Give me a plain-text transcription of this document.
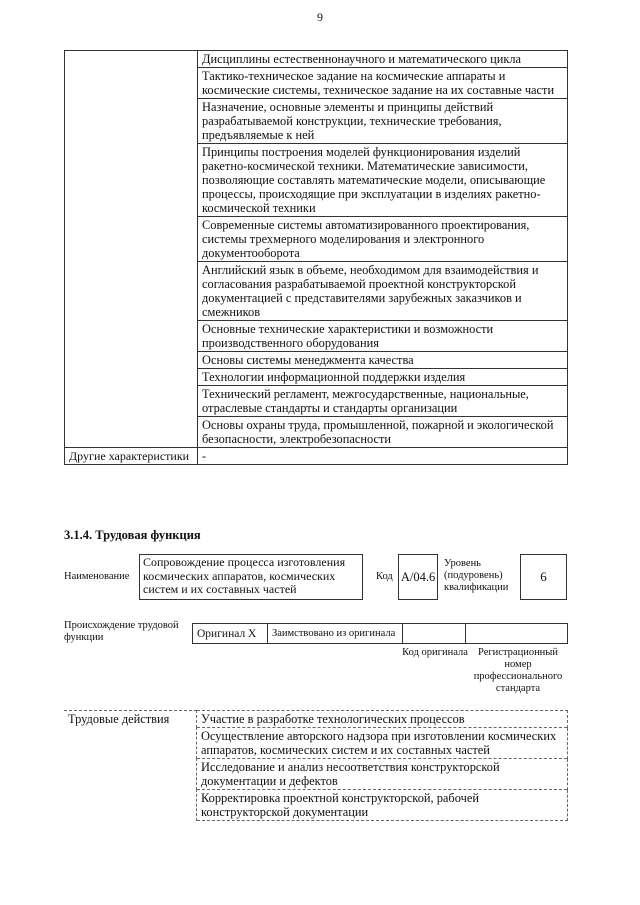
9
	Дисциплины естественнонаучного и математического цикла
	Тактико-техническое задание на космические аппараты и космические системы, техническое задание на их составные части
	Назначение, основные элементы и принципы действий разрабатываемой конструкции, технические требования, предъявляемые к ней
	Принципы построения моделей функционирования изделий ракетно-космической техники. Математические зависимости, позволяющие составлять математические модели, описывающие процессы, происходящие при эксплуатации в изделиях ракетно-космической техники
	Современные системы автоматизированного проектирования, системы трехмерного моделирования и электронного документооборота
	Английский язык в объеме, необходимом для взаимодействия и согласования разрабатываемой проектной конструкторской документацией с представителями зарубежных заказчиков и смежников
	Основные технические характеристики и возможности производственного оборудования
	Основы системы менеджмента качества
	Технологии информационной поддержки изделия
	Технический регламент, межгосударственные, национальные, отраслевые стандарты и стандарты организации
	Основы охраны труда, промышленной, пожарной и экологической безопасности, электробезопасности
Другие характеристики	-
3.1.4. Трудовая функция
Наименование
Сопровождение процесса изготовления космических аппаратов, космических систем и их составных частей
Код А/04.6
Уровень (подуровень) квалификации
6
Происхождение трудовой функции	Оригинал X	Заимствовано из оригинала		
Код оригинала Регистрационный номер профессионального стандарта
Трудовые действия	Участие в разработке технологических процессов
Осуществление авторского надзора при изготовлении космических аппаратов, космических систем и их составных частей
Исследование и анализ несоответствия конструкторской документации и дефектов
Корректировка проектной конструкторской, рабочей конструкторской документации
